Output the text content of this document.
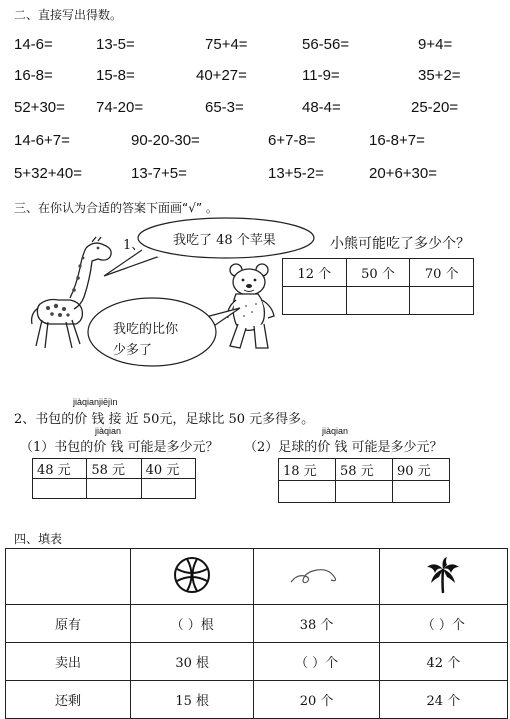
二、直接写出得数。
14-6=	13-5=	75+4=	56-56=	9+4=
16-8=	15-8=	40+27=	11-9=	35+2=
52+30= 74-20=	65-3=	48-4=	25-20=
14-6+7=	90-20-30=	6+7-8=	16-8+7=
5+32+40=	13-7+5=	13+5-2=	20+6+30=
三、在你认为合适的答案下面画“√” 。
1、 我吃了 48 个苹果	小熊可能吃了多少个？
12 个	50 个	70 个

我吃的比你
少多了
jiàqianjiējìn
2、书包的价 钱 接 近 50元，足球比 50 元多得多。
jiàqian
（1）书包的价 钱 可能是多少元？
jiàqian
（2）足球的价 钱 可能是多少元？
48 元	58 元	40 元
			18 元	58 元	90 元

四、填表

原有	（ ）根	38 个	（ ）个
卖出	30 根	（ ）个	42 个
还剩	15 根	20 个	24 个
